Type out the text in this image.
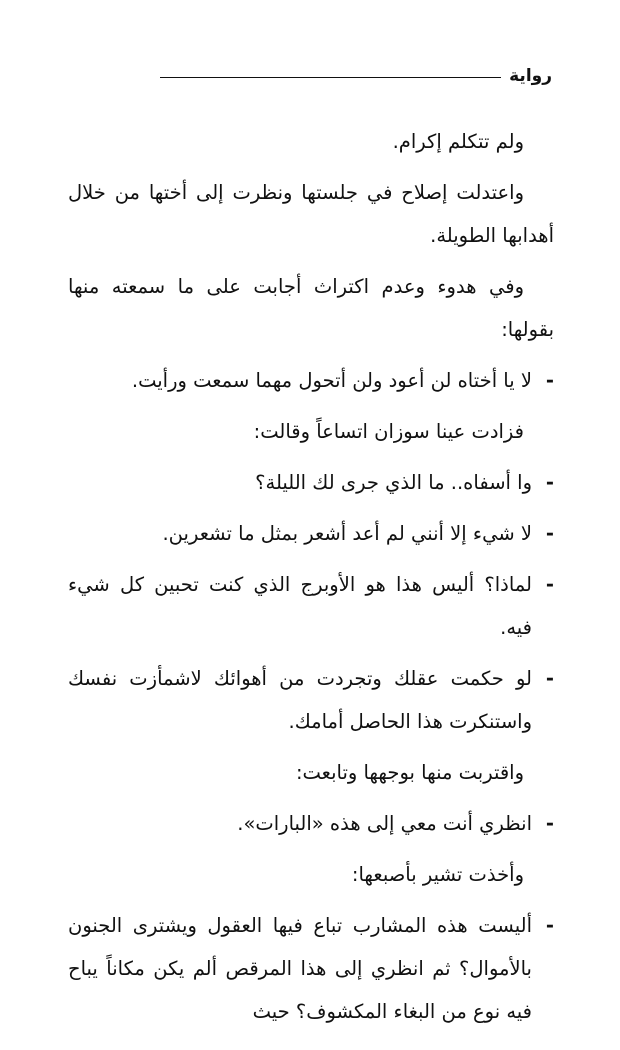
رواية

ولم تتكلم إكرام.

واعتدلت إصلاح في جلستها ونظرت إلى أختها من خلال أهدابها الطويلة.

وفي هدوء وعدم اكتراث أجابت على ما سمعته منها بقولها:

-
لا يا أختاه لن أعود ولن أتحول مهما سمعت ورأيت.

فزادت عينا سوزان اتساعاً وقالت:

-
وا أسفاه.. ما الذي جرى لك الليلة؟

-
لا شيء إلا أنني لم أعد أشعر بمثل ما تشعرين.

-
لماذا؟ أليس هذا هو الأوبرج الذي كنت تحبين كل شيء فيه.

-
لو حكمت عقلك وتجردت من أهوائك لاشمأزت نفسك واستنكرت هذا الحاصل أمامك.

واقتربت منها بوجهها وتابعت:

-
انظري أنت معي إلى هذه «البارات».

وأخذت تشير بأصبعها:

-
أليست هذه المشارب تباع فيها العقول ويشترى الجنون بالأموال؟ ثم انظري إلى هذا المرقص ألم يكن مكاناً يباح فيه نوع من البغاء المكشوف؟ حيث
